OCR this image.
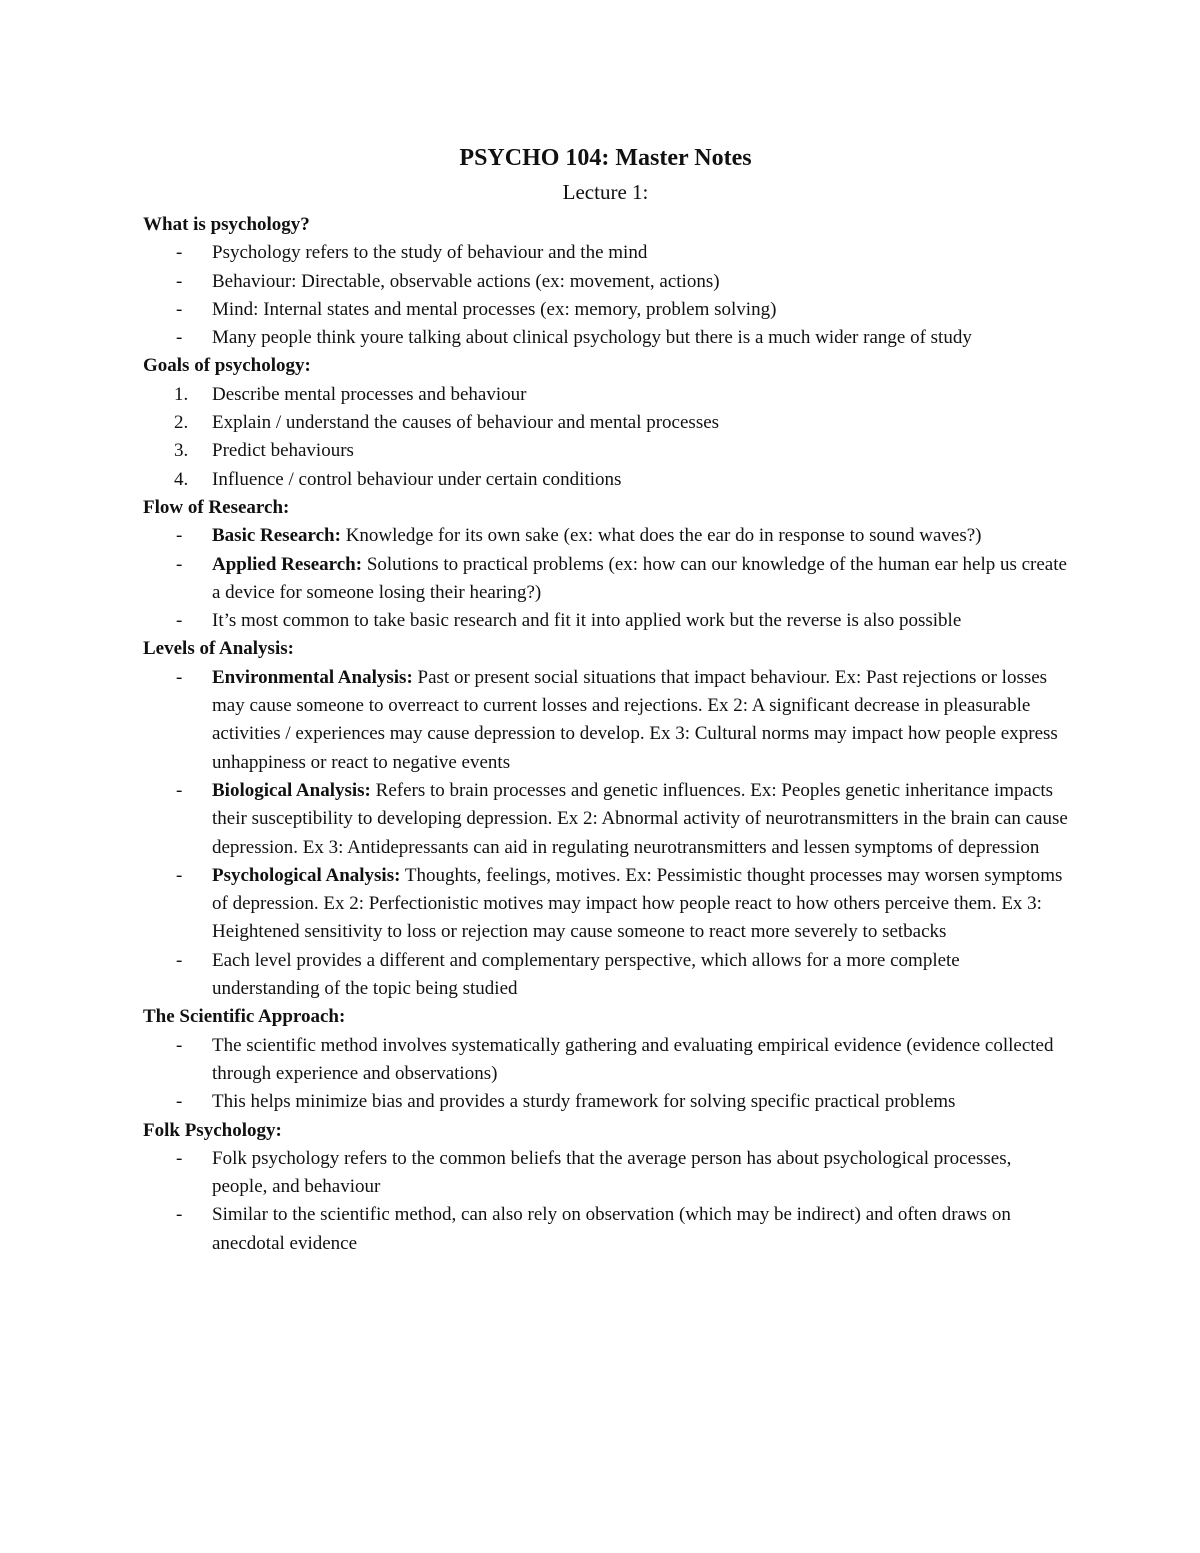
PSYCHO 104: Master Notes
Lecture 1:
What is psychology?
- Psychology refers to the study of behaviour and the mind
- Behaviour: Directable, observable actions (ex: movement, actions)
- Mind: Internal states and mental processes (ex: memory, problem solving)
- Many people think youre talking about clinical psychology but there is a much wider range of study
Goals of psychology:
1. Describe mental processes and behaviour
2. Explain / understand the causes of behaviour and mental processes
3. Predict behaviours
4. Influence / control behaviour under certain conditions
Flow of Research:
- Basic Research: Knowledge for its own sake (ex: what does the ear do in response to sound waves?)
- Applied Research: Solutions to practical problems (ex: how can our knowledge of the human ear help us create a device for someone losing their hearing?)
- It’s most common to take basic research and fit it into applied work but the reverse is also possible
Levels of Analysis:
- Environmental Analysis: Past or present social situations that impact behaviour. Ex: Past rejections or losses may cause someone to overreact to current losses and rejections. Ex 2: A significant decrease in pleasurable activities / experiences may cause depression to develop. Ex 3: Cultural norms may impact how people express unhappiness or react to negative events
- Biological Analysis: Refers to brain processes and genetic influences. Ex: Peoples genetic inheritance impacts their susceptibility to developing depression. Ex 2: Abnormal activity of neurotransmitters in the brain can cause depression. Ex 3: Antidepressants can aid in regulating neurotransmitters and lessen symptoms of depression
- Psychological Analysis: Thoughts, feelings, motives. Ex: Pessimistic thought processes may worsen symptoms of depression. Ex 2: Perfectionistic motives may impact how people react to how others perceive them. Ex 3: Heightened sensitivity to loss or rejection may cause someone to react more severely to setbacks
- Each level provides a different and complementary perspective, which allows for a more complete understanding of the topic being studied
The Scientific Approach:
- The scientific method involves systematically gathering and evaluating empirical evidence (evidence collected through experience and observations)
- This helps minimize bias and provides a sturdy framework for solving specific practical problems
Folk Psychology:
- Folk psychology refers to the common beliefs that the average person has about psychological processes, people, and behaviour
- Similar to the scientific method, can also rely on observation (which may be indirect) and often draws on anecdotal evidence
